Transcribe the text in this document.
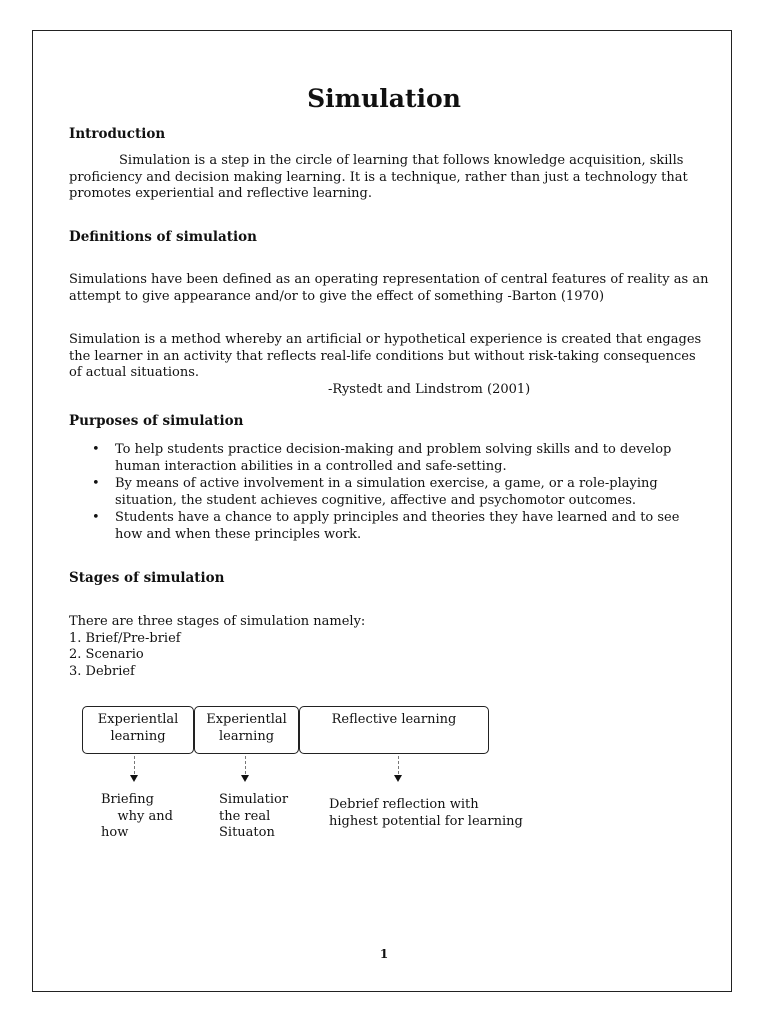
Simulation
Introduction
Simulation is a step in the circle of learning that follows knowledge acquisition, skills proficiency and decision making learning. It is a technique, rather than just a technology that promotes experiential and reflective learning.
Definitions of simulation
Simulations have been defined as an operating representation of central features of reality as an attempt to give appearance and/or to give the effect of something -Barton (1970)
Simulation is a method whereby an artificial or hypothetical experience is created that engages the learner in an activity that reflects real-life conditions but without risk-taking consequences of actual situations.
-Rystedt and Lindstrom (2001)
Purposes of simulation
• To help students practice decision-making and problem solving skills and to develop human interaction abilities in a controlled and safe-setting.
• By means of active involvement in a simulation exercise, a game, or a role-playing situation, the student achieves cognitive, affective and psychomotor outcomes.
• Students have a chance to apply principles and theories they have learned and to see how and when these principles work.
Stages of simulation
There are three stages of simulation namely:
1. Brief/Pre-brief
2. Scenario
3. Debrief
Experientlal learning
Experientlal learning
Reflective learning
Briefing
why and
how
Simulatior
the real
Situaton
Debrief reflection with
highest potential for learning
1
